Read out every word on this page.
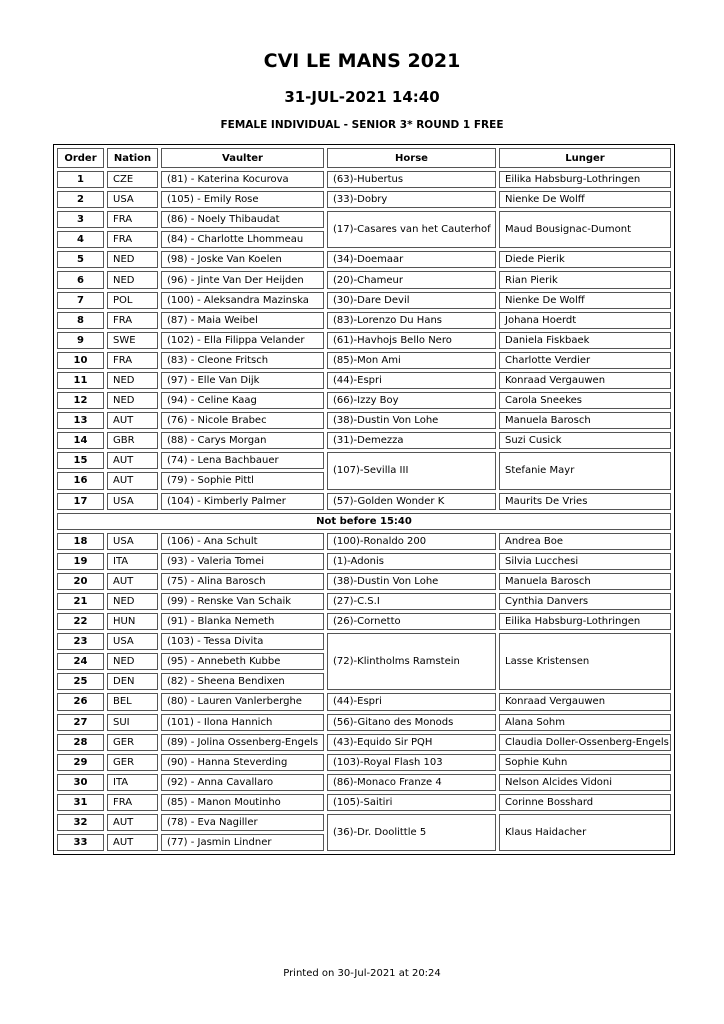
CVI LE MANS 2021
31-JUL-2021 14:40
FEMALE INDIVIDUAL - SENIOR 3* ROUND 1 FREE
Order	Nation	Vaulter	Horse	Lunger
1	CZE	(81) - Katerina Kocurova	(63)-Hubertus	Eilika Habsburg-Lothringen
2	USA	(105) - Emily Rose	(33)-Dobry	Nienke De Wolff
3	FRA	(86) - Noely Thibaudat	(17)-Casares van het Cauterhof	Maud Bousignac-Dumont
4	FRA	(84) - Charlotte Lhommeau		
5	NED	(98) - Joske Van Koelen	(34)-Doemaar	Diede Pierik
6	NED	(96) - Jinte Van Der Heijden	(20)-Chameur	Rian Pierik
7	POL	(100) - Aleksandra Mazinska	(30)-Dare Devil	Nienke De Wolff
8	FRA	(87) - Maia Weibel	(83)-Lorenzo Du Hans	Johana Hoerdt
9	SWE	(102) - Ella Filippa Velander	(61)-Havhojs Bello Nero	Daniela Fiskbaek
10	FRA	(83) - Cleone Fritsch	(85)-Mon Ami	Charlotte Verdier
11	NED	(97) - Elle Van Dijk	(44)-Espri	Konraad Vergauwen
12	NED	(94) - Celine Kaag	(66)-Izzy Boy	Carola Sneekes
13	AUT	(76) - Nicole Brabec	(38)-Dustin Von Lohe	Manuela Barosch
14	GBR	(88) - Carys Morgan	(31)-Demezza	Suzi Cusick
15	AUT	(74) - Lena Bachbauer	(107)-Sevilla III	Stefanie Mayr
16	AUT	(79) - Sophie Pittl		
17	USA	(104) - Kimberly Palmer	(57)-Golden Wonder K	Maurits De Vries
Not before 15:40				
18	USA	(106) - Ana Schult	(100)-Ronaldo 200	Andrea Boe
19	ITA	(93) - Valeria Tomei	(1)-Adonis	Silvia Lucchesi
20	AUT	(75) - Alina Barosch	(38)-Dustin Von Lohe	Manuela Barosch
21	NED	(99) - Renske Van Schaik	(27)-C.S.I	Cynthia Danvers
22	HUN	(91) - Blanka Nemeth	(26)-Cornetto	Eilika Habsburg-Lothringen
23	USA	(103) - Tessa Divita	(72)-Klintholms Ramstein	Lasse Kristensen
24	NED	(95) - Annebeth Kubbe		
25	DEN	(82) - Sheena Bendixen		
26	BEL	(80) - Lauren Vanlerberghe	(44)-Espri	Konraad Vergauwen
27	SUI	(101) - Ilona Hannich	(56)-Gitano des Monods	Alana Sohm
28	GER	(89) - Jolina Ossenberg-Engels	(43)-Equido Sir PQH	Claudia Doller-Ossenberg-Engels
29	GER	(90) - Hanna Steverding	(103)-Royal Flash 103	Sophie Kuhn
30	ITA	(92) - Anna Cavallaro	(86)-Monaco Franze 4	Nelson Alcides Vidoni
31	FRA	(85) - Manon Moutinho	(105)-Saitiri	Corinne Bosshard
32	AUT	(78) - Eva Nagiller	(36)-Dr. Doolittle 5	Klaus Haidacher
33	AUT	(77) - Jasmin Lindner		
Printed on 30-Jul-2021 at 20:24
